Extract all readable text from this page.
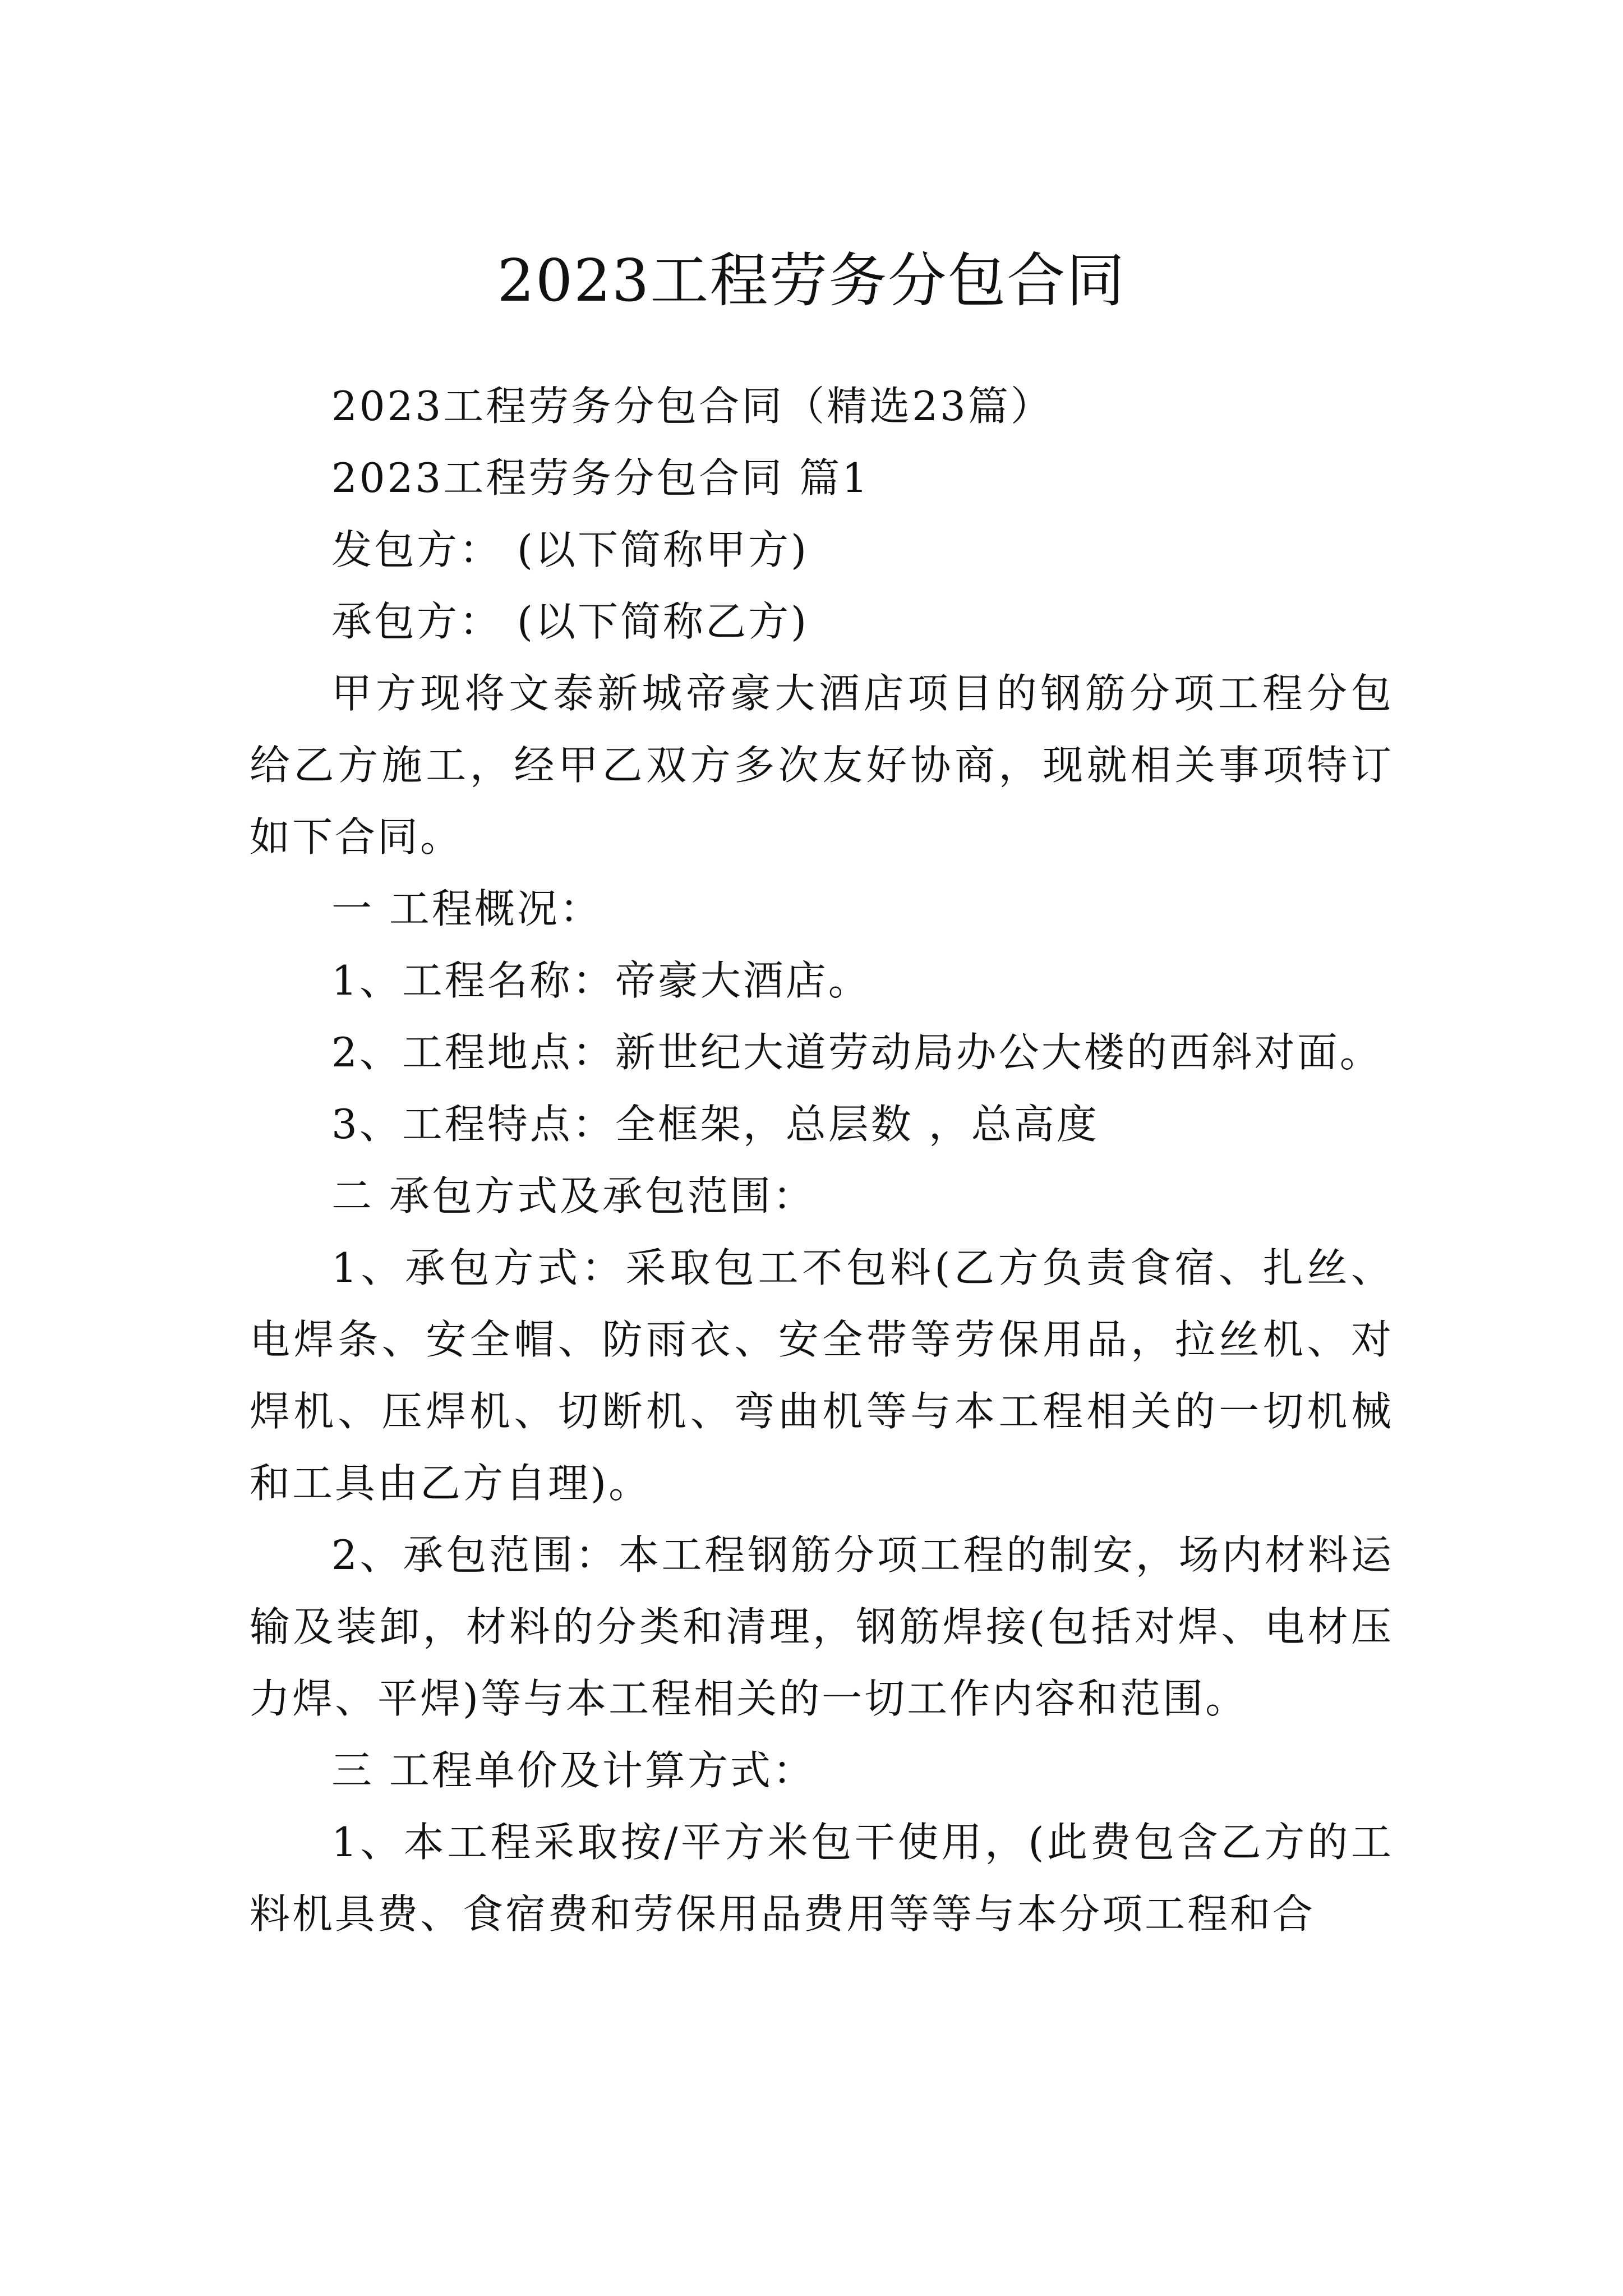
2023工程劳务分包合同

2023工程劳务分包合同（精选23篇）

2023工程劳务分包合同 篇1

发包方： (以下简称甲方)

承包方： (以下简称乙方)

甲方现将文泰新城帝豪大酒店项目的钢筋分项工程分包给乙方施工，经甲乙双方多次友好协商，现就相关事项特订如下合同。

一 工程概况：

1、工程名称：帝豪大酒店。

2、工程地点：新世纪大道劳动局办公大楼的西斜对面。

3、工程特点：全框架，总层数 ，总高度

二 承包方式及承包范围：

1、承包方式：采取包工不包料(乙方负责食宿、扎丝、电焊条、安全帽、防雨衣、安全带等劳保用品，拉丝机、对焊机、压焊机、切断机、弯曲机等与本工程相关的一切机械和工具由乙方自理)。

2、承包范围：本工程钢筋分项工程的制安，场内材料运输及装卸，材料的分类和清理，钢筋焊接(包括对焊、电材压力焊、平焊)等与本工程相关的一切工作内容和范围。

三 工程单价及计算方式：

1、本工程采取按/平方米包干使用，(此费包含乙方的工料机具费、食宿费和劳保用品费用等等与本分项工程和合
